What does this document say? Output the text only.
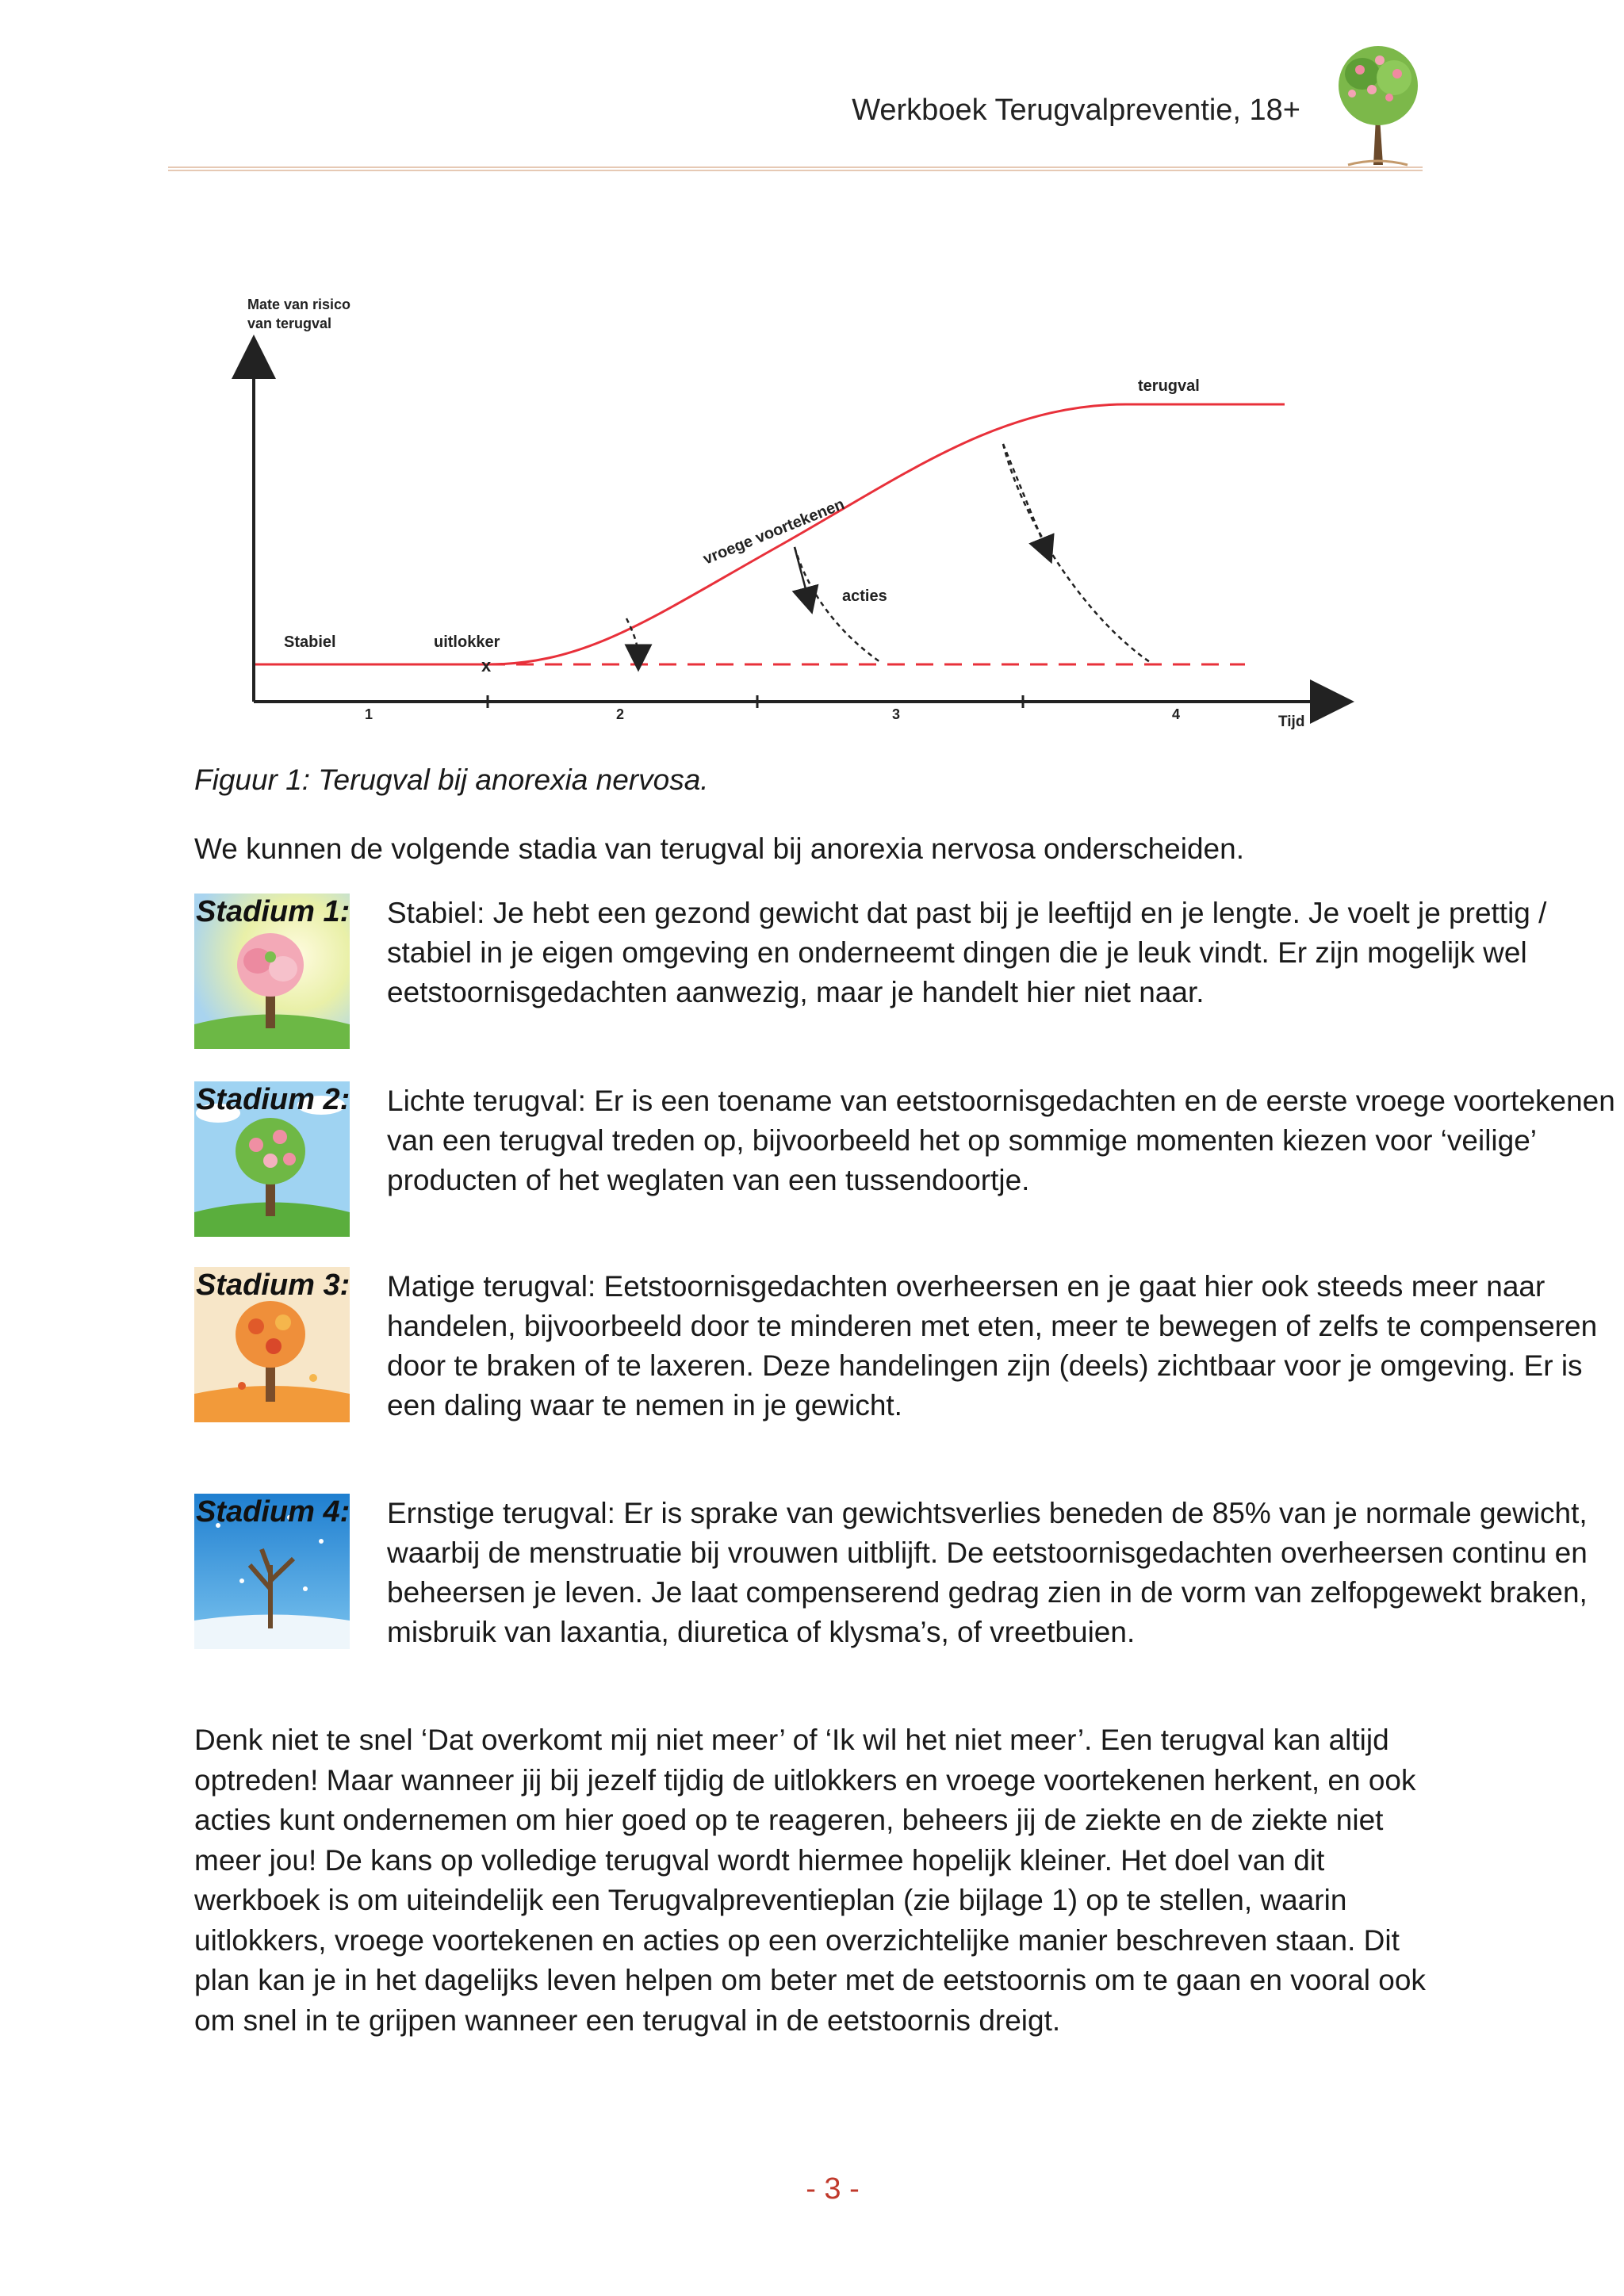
Werkboek Terugvalpreventie, 18+
Mate van risico
van terugval
Tijd
1	2	3	4
x
Stabiel	uitlokker
vroege voortekenen
acties
terugval
Figuur 1: Terugval bij anorexia nervosa.
We kunnen de volgende stadia van terugval bij anorexia nervosa onderscheiden.
Stadium 1: Stabiel: Je hebt een gezond gewicht dat past bij je leeftijd en je lengte. Je voelt je prettig / stabiel in je eigen omgeving en onderneemt dingen die je leuk vindt. Er zijn mogelijk wel eetstoornisgedachten aanwezig, maar je handelt hier niet naar.
Stadium 2: Lichte terugval: Er is een toename van eetstoornisgedachten en de eerste vroege voortekenen van een terugval treden op, bijvoorbeeld het op sommige momenten kiezen voor ‘veilige’ producten of het weglaten van een tussendoortje.
Stadium 3: Matige terugval: Eetstoornisgedachten overheersen en je gaat hier ook steeds meer naar handelen, bijvoorbeeld door te minderen met eten, meer te bewegen of zelfs te compenseren door te braken of te laxeren. Deze handelingen zijn (deels) zichtbaar voor je omgeving. Er is een daling waar te nemen in je gewicht.
Stadium 4: Ernstige terugval: Er is sprake van gewichtsverlies beneden de 85% van je normale gewicht, waarbij de menstruatie bij vrouwen uitblijft. De eetstoornisgedachten overheersen continu en beheersen je leven. Je laat compenserend gedrag zien in de vorm van zelfopgewekt braken, misbruik van laxantia, diuretica of klysma’s, of vreetbuien.
Denk niet te snel ‘Dat overkomt mij niet meer’ of ‘Ik wil het niet meer’. Een terugval kan altijd optreden! Maar wanneer jij bij jezelf tijdig de uitlokkers en vroege voortekenen herkent, en ook acties kunt ondernemen om hier goed op te reageren, beheers jij de ziekte en de ziekte niet meer jou! De kans op volledige terugval wordt hiermee hopelijk kleiner. Het doel van dit werkboek is om uiteindelijk een Terugvalpreventieplan (zie bijlage 1) op te stellen, waarin uitlokkers, vroege voortekenen en acties op een overzichtelijke manier beschreven staan. Dit plan kan je in het dagelijks leven helpen om beter met de eetstoornis om te gaan en vooral ook om snel in te grijpen wanneer een terugval in de eetstoornis dreigt.
- 3 -
